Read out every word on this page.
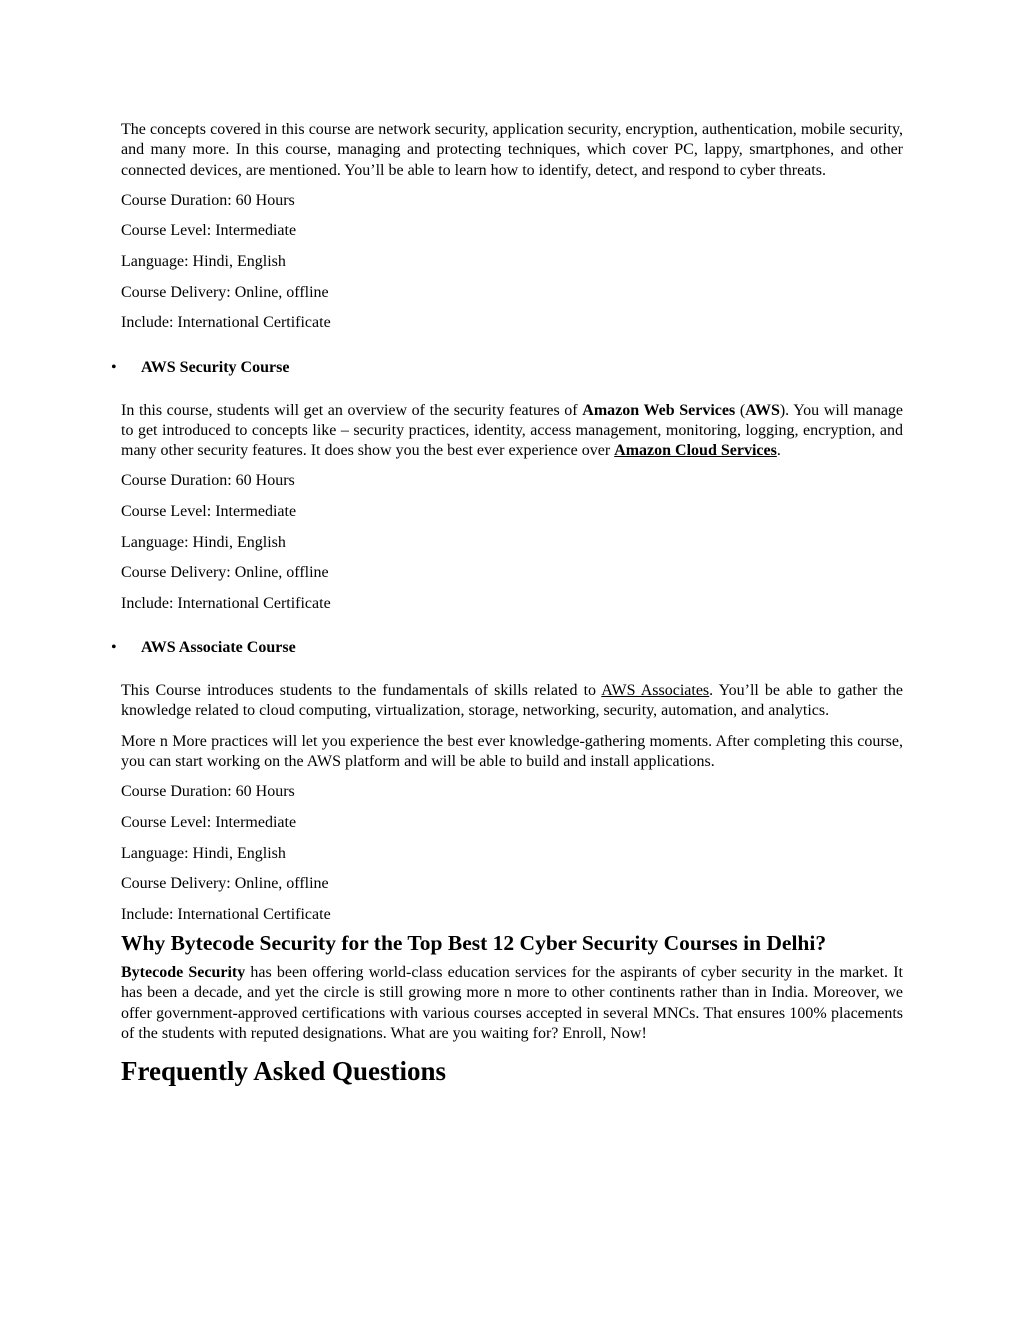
The concepts covered in this course are network security, application security, encryption, authentication, mobile security, and many more. In this course, managing and protecting techniques, which cover PC, lappy, smartphones, and other connected devices, are mentioned. You’ll be able to learn how to identify, detect, and respond to cyber threats.

Course Duration: 60 Hours

Course Level: Intermediate

Language: Hindi, English

Course Delivery: Online, offline

Include: International Certificate

• AWS Security Course

In this course, students will get an overview of the security features of Amazon Web Services (AWS). You will manage to get introduced to concepts like – security practices, identity, access management, monitoring, logging, encryption, and many other security features. It does show you the best ever experience over Amazon Cloud Services.

Course Duration: 60 Hours

Course Level: Intermediate

Language: Hindi, English

Course Delivery: Online, offline

Include: International Certificate

• AWS Associate Course

This Course introduces students to the fundamentals of skills related to AWS Associates. You’ll be able to gather the knowledge related to cloud computing, virtualization, storage, networking, security, automation, and analytics.

More n More practices will let you experience the best ever knowledge-gathering moments. After completing this course, you can start working on the AWS platform and will be able to build and install applications.

Course Duration: 60 Hours

Course Level: Intermediate

Language: Hindi, English

Course Delivery: Online, offline

Include: International Certificate

Why Bytecode Security for the Top Best 12 Cyber Security Courses in Delhi?

Bytecode Security has been offering world-class education services for the aspirants of cyber security in the market. It has been a decade, and yet the circle is still growing more n more to other continents rather than in India. Moreover, we offer government-approved certifications with various courses accepted in several MNCs. That ensures 100% placements of the students with reputed designations. What are you waiting for? Enroll, Now!

Frequently Asked Questions
